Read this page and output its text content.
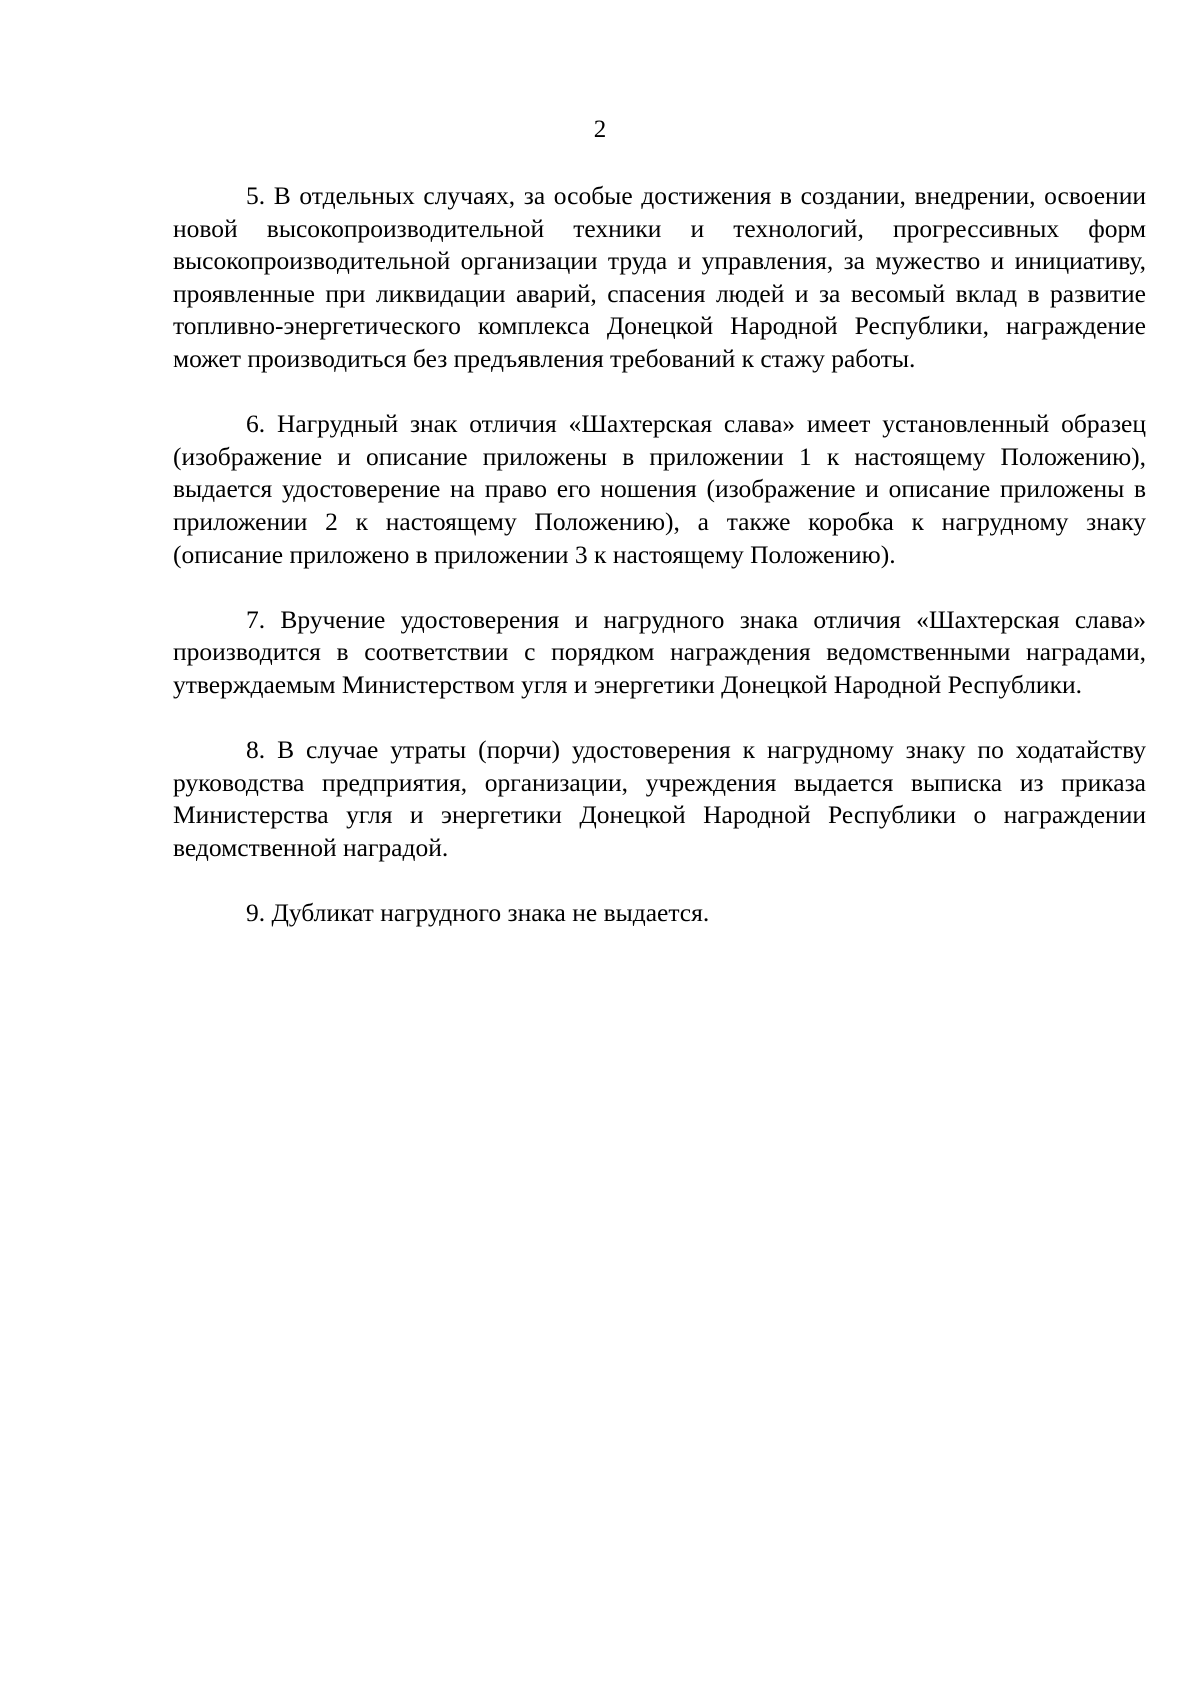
2

5. В отдельных случаях, за особые достижения в создании, внедрении, освоении новой высокопроизводительной техники и технологий, прогрессивных форм высокопроизводительной организации труда и управления, за мужество и инициативу, проявленные при ликвидации аварий, спасения людей и за весомый вклад в развитие топливно-энергетического комплекса Донецкой Народной Республики, награждение может производиться без предъявления требований к стажу работы.

6. Нагрудный знак отличия «Шахтерская слава» имеет установленный образец (изображение и описание приложены в приложении 1 к настоящему Положению), выдается удостоверение на право его ношения (изображение и описание приложены в приложении 2 к настоящему Положению), а также коробка к нагрудному знаку (описание приложено в приложении 3 к настоящему Положению).

7. Вручение удостоверения и нагрудного знака отличия «Шахтерская слава» производится в соответствии с порядком награждения ведомственными наградами, утверждаемым Министерством угля и энергетики Донецкой Народной Республики.

8. В случае утраты (порчи) удостоверения к нагрудному знаку по ходатайству руководства предприятия, организации, учреждения выдается выписка из приказа Министерства угля и энергетики Донецкой Народной Республики о награждении ведомственной наградой.

9. Дубликат нагрудного знака не выдается.
